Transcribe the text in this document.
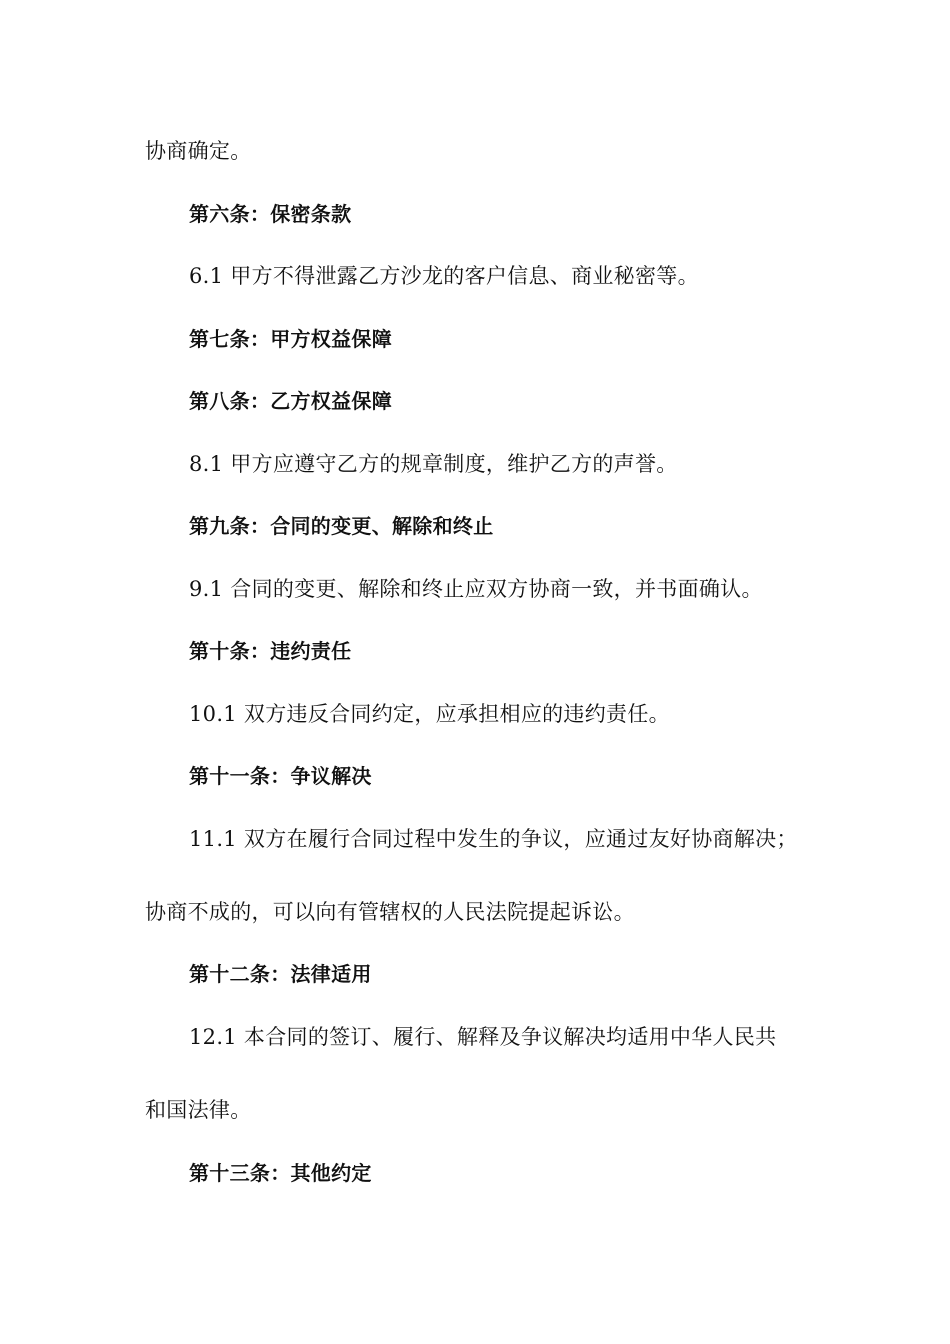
协商确定。
第六条：保密条款
6.1 甲方不得泄露乙方沙龙的客户信息、商业秘密等。
第七条：甲方权益保障
第八条：乙方权益保障
8.1 甲方应遵守乙方的规章制度，维护乙方的声誉。
第九条：合同的变更、解除和终止
9.1 合同的变更、解除和终止应双方协商一致，并书面确认。
第十条：违约责任
10.1 双方违反合同约定，应承担相应的违约责任。
第十一条：争议解决
11.1 双方在履行合同过程中发生的争议，应通过友好协商解决；
协商不成的，可以向有管辖权的人民法院提起诉讼。
第十二条：法律适用
12.1 本合同的签订、履行、解释及争议解决均适用中华人民共
和国法律。
第十三条：其他约定
